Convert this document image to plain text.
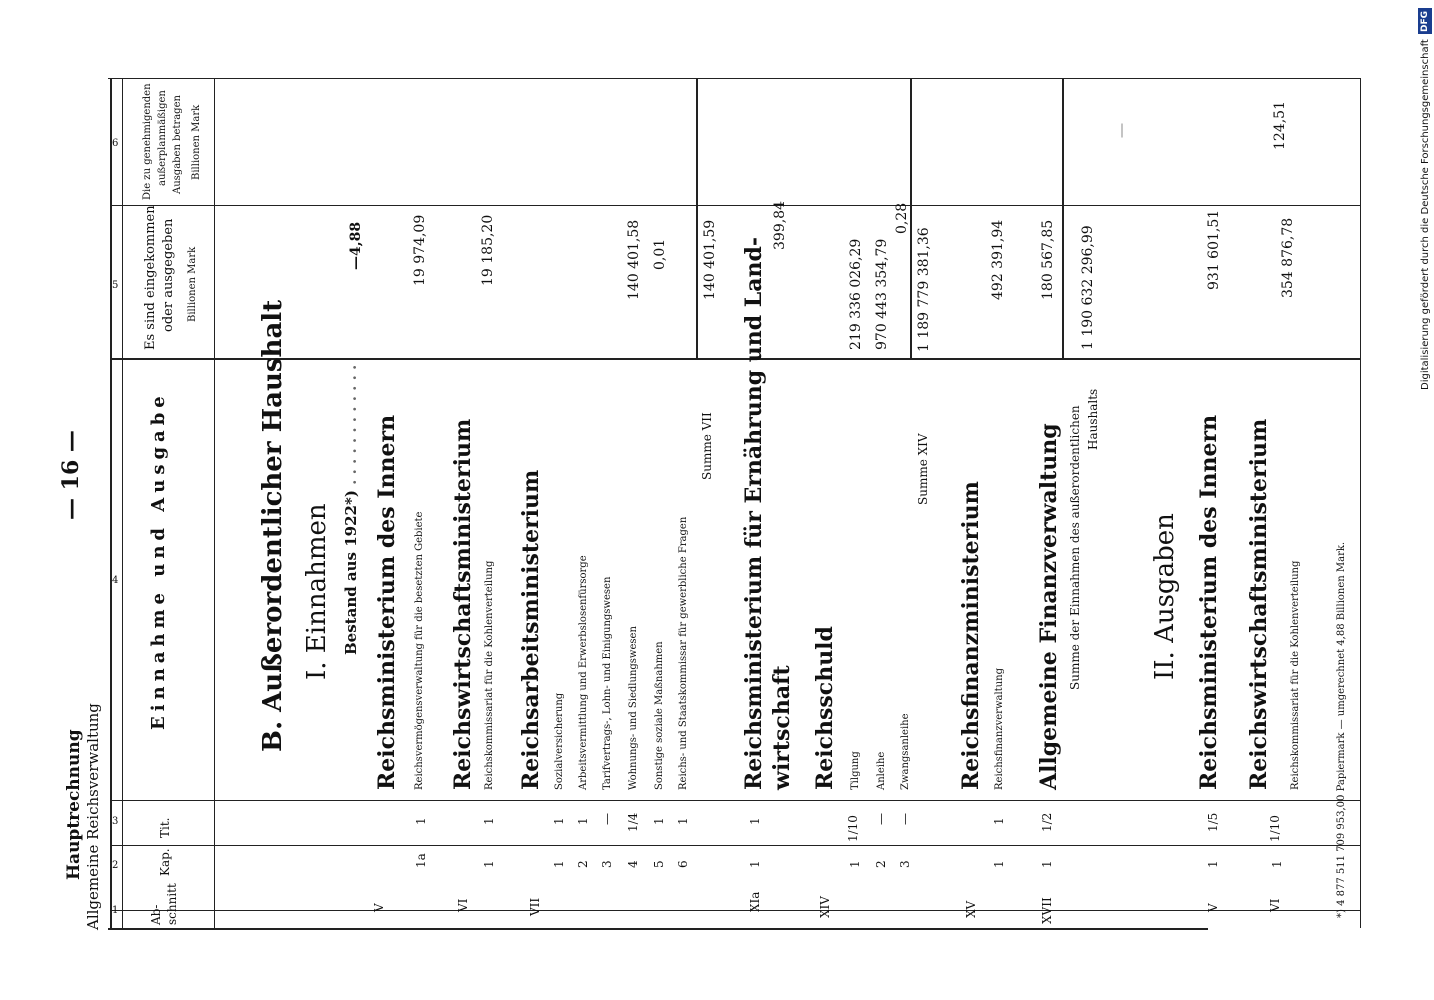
Hauptrechnung Allgemeine Reichsverwaltung
— 16 —
1
2
3
4
5
6
Ab-
schnitt
Kap.
Tit.
Einnahme und Ausgabe
Es sind eingekommen oder ausgegeben	Billionen Mark
Die zu genehmigenden außerplanmäßigen Ausgaben betragen Billionen Mark
B. Außerordentlicher Haushalt I. Einnahmen Bestand aus 1922*) . . . . . . . . . . . .
—4,88
V
Reichsministerium des Innern
1a
1
Reichsvermögensverwaltung für die besetzten Gebiete
19 974,09
VI
Reichswirtschaftsministerium
1
1
Reichskommissariat für die Kohlenverteilung
19 185,20
VII
Reichsarbeitsministerium
1
1
Sozialversicherung
2
1
Arbeitsvermittlung und Erwerbslosenfürsorge
3
—
Tarifvertrags-, Lohn- und Einigungswesen
4
1/4
Wohnungs- und Siedlungswesen
140 401,58
5
1
Sonstige soziale Maßnahmen
0,01
6
1
Reichs- und Staatskommissar für gewerbliche Fragen
Summe VII
140 401,59
XIa
1
1
Reichsministerium für Ernährung und Land- wirtschaft
399,84
XIV
Reichsschuld
1
1/10
Tilgung
219 336 026,29
2
—
Anleihe
970 443 354,79
3
—
Zwangsanleihe
0,28
Summe XIV
1 189 779 381,36
XV
Reichsfinanzministerium
1
1
Reichsfinanzverwaltung
492 391,94
XVII
1
1/2
Allgemeine Finanzverwaltung
180 567,85
Summe der Einnahmen des außerordentlichen Haushalts
1 190 632 296,99
II. Ausgaben
V
1
1/5
Reichsministerium des Innern
931 601,51
VI
Reichswirtschaftsministerium
1
1/10
Reichskommissariat für die Kohlenverteilung
354 876,78
124,51
*) 4 877 511 709 953,00 Papiermark — umgerechnet 4,88 Billionen Mark.
Digitalisierung gefördert durch die Deutsche Forschungsgemeinschaft
DFG
